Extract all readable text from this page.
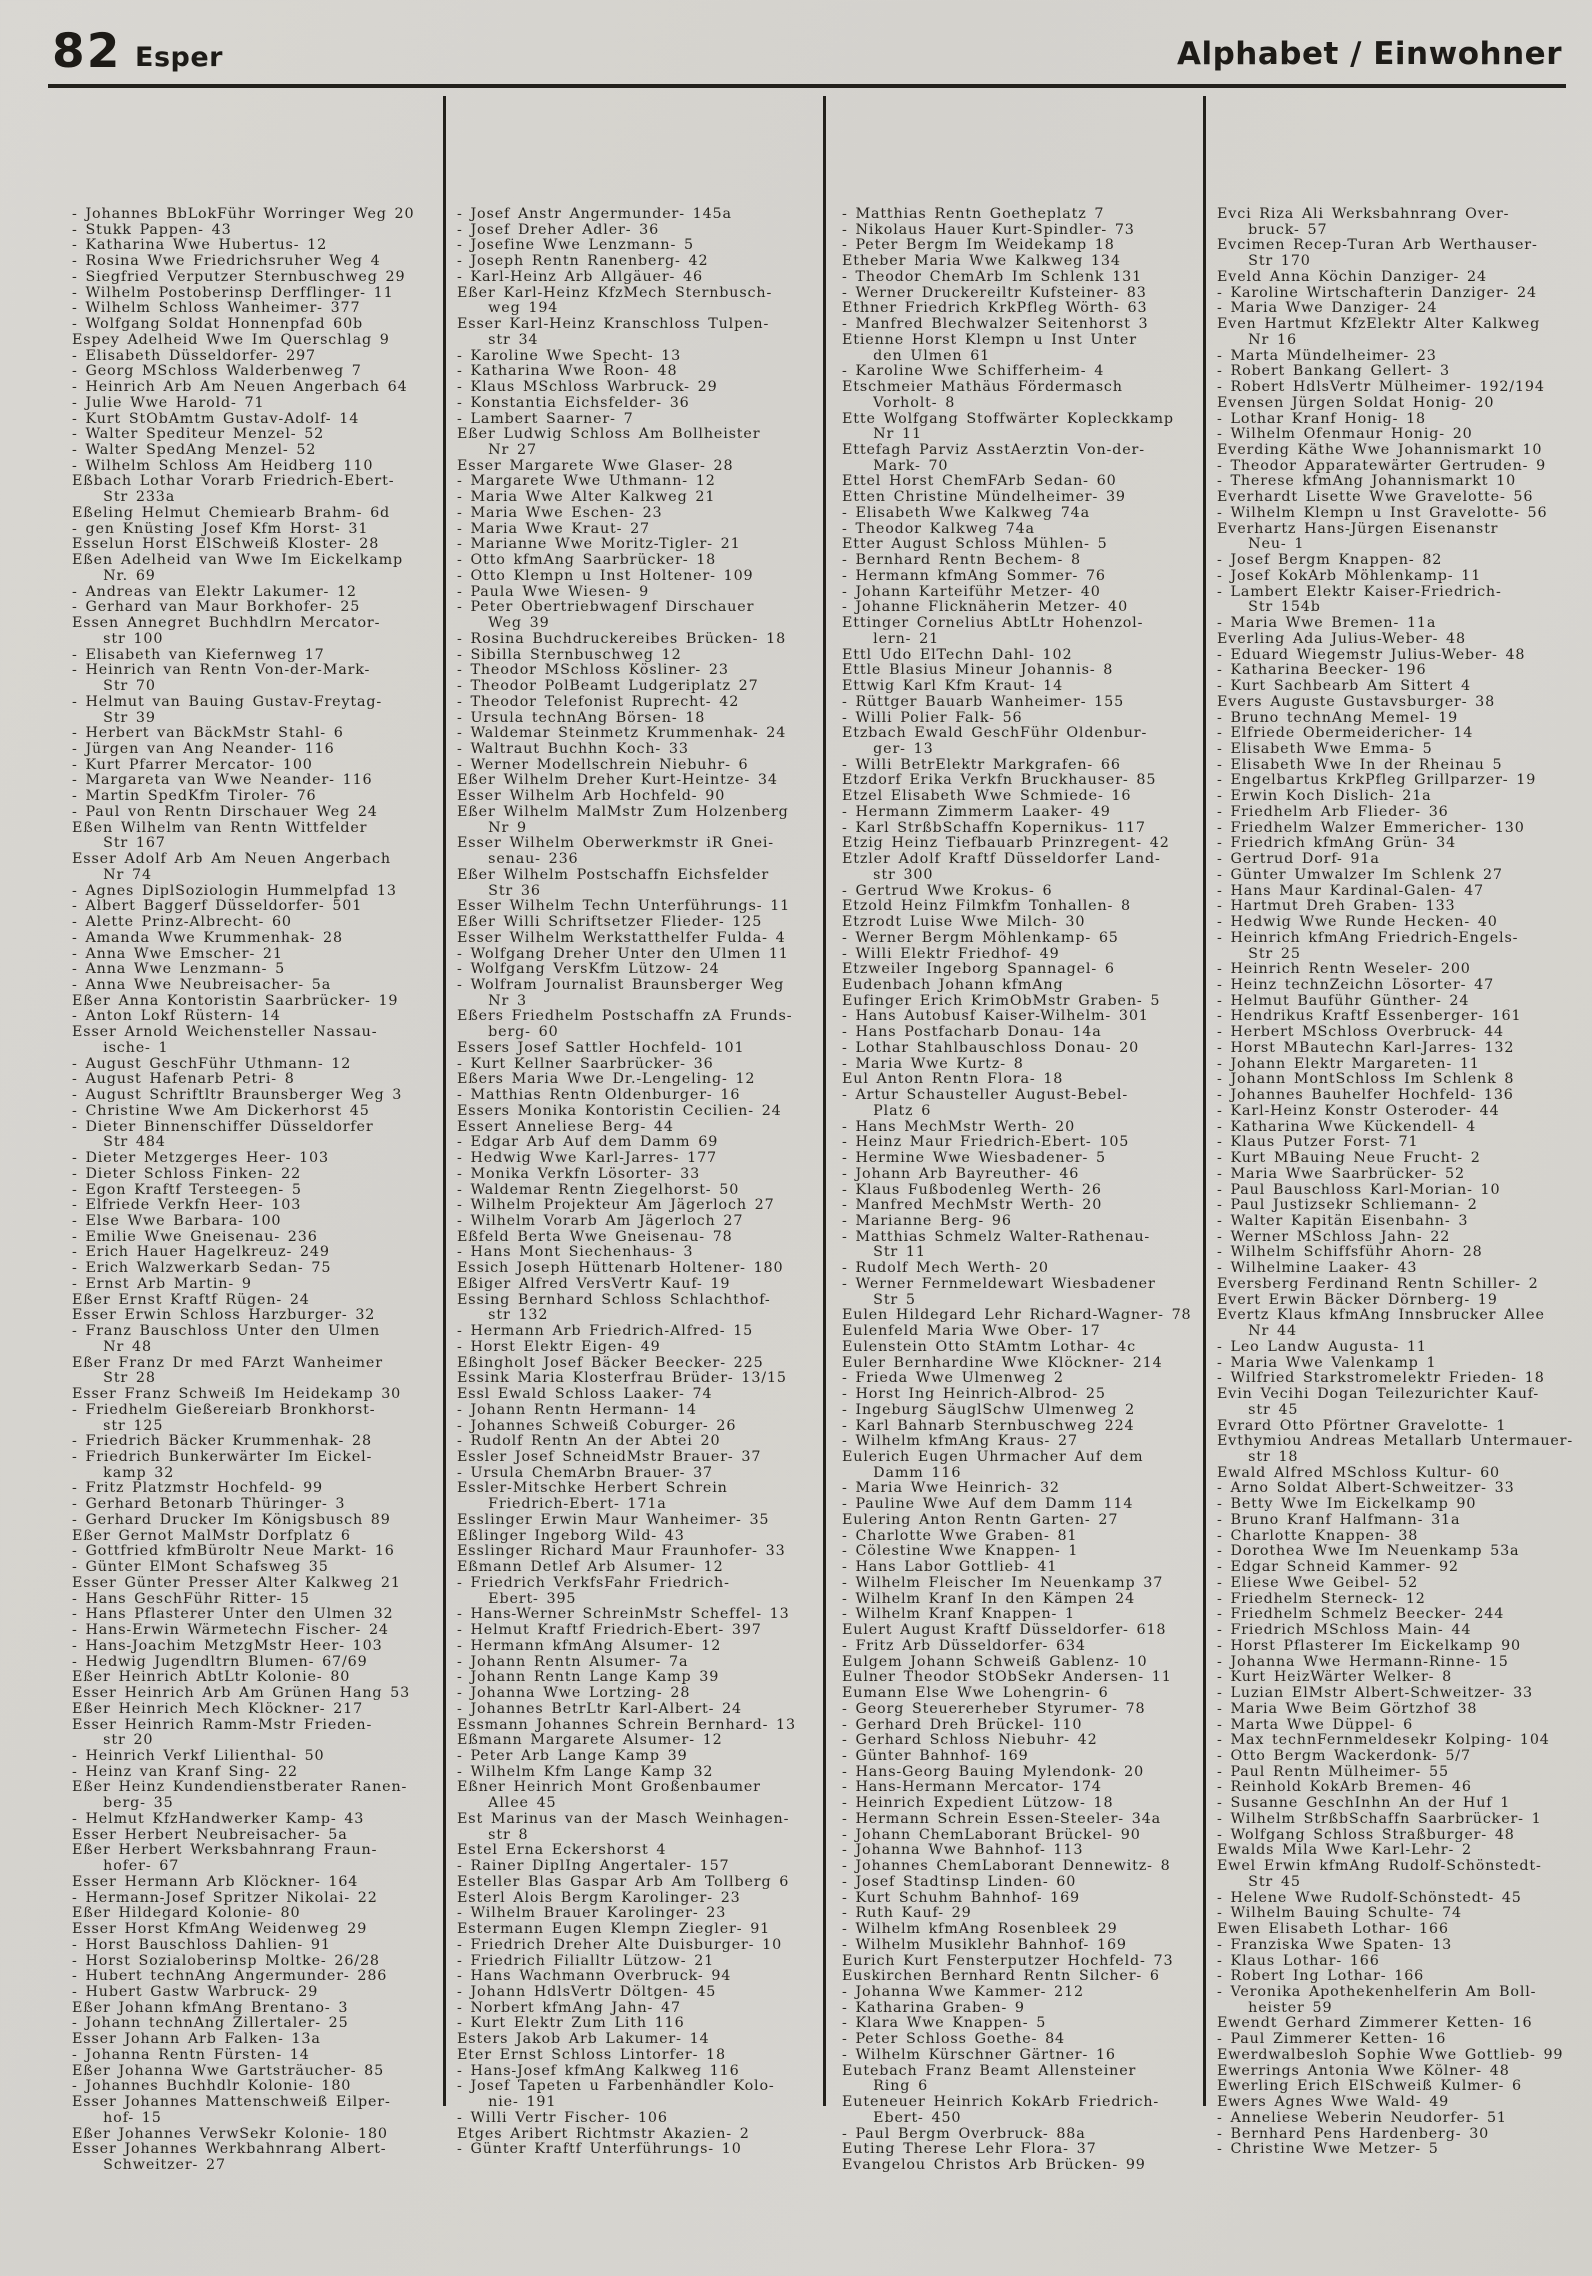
82 Esper	Alphabet / Einwohner
- Johannes BbLokFühr Worringer Weg 20
- Stukk Pappen- 43
- Katharina Wwe Hubertus- 12
- Rosina Wwe Friedrichsruher Weg 4
- Siegfried Verputzer Sternbuschweg 29
- Wilhelm Postoberinsp Derfflinger- 11
- Wilhelm Schloss Wanheimer- 377
- Wolfgang Soldat Honnenpfad 60b
Espey Adelheid Wwe Im Querschlag 9
- Elisabeth Düsseldorfer- 297
- Georg MSchloss Walderbenweg 7
- Heinrich Arb Am Neuen Angerbach 64
- Julie Wwe Harold- 71
- Kurt StObAmtm Gustav-Adolf- 14
- Walter Spediteur Menzel- 52
- Walter SpedAng Menzel- 52
- Wilhelm Schloss Am Heidberg 110
Eßbach Lothar Vorarb Friedrich-Ebert-
Str 233a
Eßeling Helmut Chemiearb Brahm- 6d
- gen Knüsting Josef Kfm Horst- 31
Esselun Horst ElSchweiß Kloster- 28
Eßen Adelheid van Wwe Im Eickelkamp
Nr. 69
- Andreas van Elektr Lakumer- 12
- Gerhard van Maur Borkhofer- 25
Essen Annegret Buchhdlrn Mercator-
str 100
- Elisabeth van Kiefernweg 17
- Heinrich van Rentn Von-der-Mark-
Str 70
- Helmut van Bauing Gustav-Freytag-
Str 39
- Herbert van BäckMstr Stahl- 6
- Jürgen van Ang Neander- 116
- Kurt Pfarrer Mercator- 100
- Margareta van Wwe Neander- 116
- Martin SpedKfm Tiroler- 76
- Paul von Rentn Dirschauer Weg 24
Eßen Wilhelm van Rentn Wittfelder
Str 167
Esser Adolf Arb Am Neuen Angerbach
Nr 74
- Agnes DiplSoziologin Hummelpfad 13
- Albert Baggerf Düsseldorfer- 501
- Alette Prinz-Albrecht- 60
- Amanda Wwe Krummenhak- 28
- Anna Wwe Emscher- 21
- Anna Wwe Lenzmann- 5
- Anna Wwe Neubreisacher- 5a
Eßer Anna Kontoristin Saarbrücker- 19
- Anton Lokf Rüstern- 14
Esser Arnold Weichensteller Nassau-
ische- 1
- August GeschFühr Uthmann- 12
- August Hafenarb Petri- 8
- August Schriftltr Braunsberger Weg 3
- Christine Wwe Am Dickerhorst 45
- Dieter Binnenschiffer Düsseldorfer
Str 484
- Dieter Metzgerges Heer- 103
- Dieter Schloss Finken- 22
- Egon Kraftf Tersteegen- 5
- Elfriede Verkfn Heer- 103
- Else Wwe Barbara- 100
- Emilie Wwe Gneisenau- 236
- Erich Hauer Hagelkreuz- 249
- Erich Walzwerkarb Sedan- 75
- Ernst Arb Martin- 9
Eßer Ernst Kraftf Rügen- 24
Esser Erwin Schloss Harzburger- 32
- Franz Bauschloss Unter den Ulmen
Nr 48
Eßer Franz Dr med FArzt Wanheimer
Str 28
Esser Franz Schweiß Im Heidekamp 30
- Friedhelm Gießereiarb Bronkhorst-
str 125
- Friedrich Bäcker Krummenhak- 28
- Friedrich Bunkerwärter Im Eickel-
kamp 32
- Fritz Platzmstr Hochfeld- 99
- Gerhard Betonarb Thüringer- 3
- Gerhard Drucker Im Königsbusch 89
Eßer Gernot MalMstr Dorfplatz 6
- Gottfried kfmBüroltr Neue Markt- 16
- Günter ElMont Schafsweg 35
Esser Günter Presser Alter Kalkweg 21
- Hans GeschFühr Ritter- 15
- Hans Pflasterer Unter den Ulmen 32
- Hans-Erwin Wärmetechn Fischer- 24
- Hans-Joachim MetzgMstr Heer- 103
- Hedwig Jugendltrn Blumen- 67/69
Eßer Heinrich AbtLtr Kolonie- 80
Esser Heinrich Arb Am Grünen Hang 53
Eßer Heinrich Mech Klöckner- 217
Esser Heinrich Ramm-Mstr Frieden-
str 20
- Heinrich Verkf Lilienthal- 50
- Heinz van Kranf Sing- 22
Eßer Heinz Kundendienstberater Ranen-
berg- 35
- Helmut KfzHandwerker Kamp- 43
Esser Herbert Neubreisacher- 5a
Eßer Herbert Werksbahnrang Fraun-
hofer- 67
Esser Hermann Arb Klöckner- 164
- Hermann-Josef Spritzer Nikolai- 22
Eßer Hildegard Kolonie- 80
Esser Horst KfmAng Weidenweg 29
- Horst Bauschloss Dahlien- 91
- Horst Sozialoberinsp Moltke- 26/28
- Hubert technAng Angermunder- 286
- Hubert Gastw Warbruck- 29
Eßer Johann kfmAng Brentano- 3
- Johann technAng Zillertaler- 25
Esser Johann Arb Falken- 13a
- Johanna Rentn Fürsten- 14
Eßer Johanna Wwe Gartsträucher- 85
- Johannes Buchhdlr Kolonie- 180
Esser Johannes Mattenschweiß Eilper-
hof- 15
Eßer Johannes VerwSekr Kolonie- 180
Esser Johannes Werkbahnrang Albert-
Schweitzer- 27
- Josef Anstr Angermunder- 145a
- Josef Dreher Adler- 36
- Josefine Wwe Lenzmann- 5
- Joseph Rentn Ranenberg- 42
- Karl-Heinz Arb Allgäuer- 46
Eßer Karl-Heinz KfzMech Sternbusch-
weg 194
Esser Karl-Heinz Kranschloss Tulpen-
str 34
- Karoline Wwe Specht- 13
- Katharina Wwe Roon- 48
- Klaus MSchloss Warbruck- 29
- Konstantia Eichsfelder- 36
- Lambert Saarner- 7
Eßer Ludwig Schloss Am Bollheister
Nr 27
Esser Margarete Wwe Glaser- 28
- Margarete Wwe Uthmann- 12
- Maria Wwe Alter Kalkweg 21
- Maria Wwe Eschen- 23
- Maria Wwe Kraut- 27
- Marianne Wwe Moritz-Tigler- 21
- Otto kfmAng Saarbrücker- 18
- Otto Klempn u Inst Holtener- 109
- Paula Wwe Wiesen- 9
- Peter Obertriebwagenf Dirschauer
Weg 39
- Rosina Buchdruckereibes Brücken- 18
- Sibilla Sternbuschweg 12
- Theodor MSchloss Kösliner- 23
- Theodor PolBeamt Ludgeriplatz 27
- Theodor Telefonist Ruprecht- 42
- Ursula technAng Börsen- 18
- Waldemar Steinmetz Krummenhak- 24
- Waltraut Buchhn Koch- 33
- Werner Modellschrein Niebuhr- 6
Eßer Wilhelm Dreher Kurt-Heintze- 34
Esser Wilhelm Arb Hochfeld- 90
Eßer Wilhelm MalMstr Zum Holzenberg
Nr 9
Esser Wilhelm Oberwerkmstr iR Gnei-
senau- 236
Eßer Wilhelm Postschaffn Eichsfelder
Str 36
Esser Wilhelm Techn Unterführungs- 11
Eßer Willi Schriftsetzer Flieder- 125
Esser Wilhelm Werkstatthelfer Fulda- 4
- Wolfgang Dreher Unter den Ulmen 11
- Wolfgang VersKfm Lützow- 24
- Wolfram Journalist Braunsberger Weg
Nr 3
Eßers Friedhelm Postschaffn zA Frunds-
berg- 60
Essers Josef Sattler Hochfeld- 101
- Kurt Kellner Saarbrücker- 36
Eßers Maria Wwe Dr.-Lengeling- 12
- Matthias Rentn Oldenburger- 16
Essers Monika Kontoristin Cecilien- 24
Essert Anneliese Berg- 44
- Edgar Arb Auf dem Damm 69
- Hedwig Wwe Karl-Jarres- 177
- Monika Verkfn Lösorter- 33
- Waldemar Rentn Ziegelhorst- 50
- Wilhelm Projekteur Am Jägerloch 27
- Wilhelm Vorarb Am Jägerloch 27
Eßfeld Berta Wwe Gneisenau- 78
- Hans Mont Siechenhaus- 3
Essich Joseph Hüttenarb Holtener- 180
Eßiger Alfred VersVertr Kauf- 19
Essing Bernhard Schloss Schlachthof-
str 132
- Hermann Arb Friedrich-Alfred- 15
- Horst Elektr Eigen- 49
Eßingholt Josef Bäcker Beecker- 225
Essink Maria Klosterfrau Brüder- 13/15
Essl Ewald Schloss Laaker- 74
- Johann Rentn Hermann- 14
- Johannes Schweiß Coburger- 26
- Rudolf Rentn An der Abtei 20
Essler Josef SchneidMstr Brauer- 37
- Ursula ChemArbn Brauer- 37
Essler-Mitschke Herbert Schrein
Friedrich-Ebert- 171a
Esslinger Erwin Maur Wanheimer- 35
Eßlinger Ingeborg Wild- 43
Esslinger Richard Maur Fraunhofer- 33
Eßmann Detlef Arb Alsumer- 12
- Friedrich VerkfsFahr Friedrich-
Ebert- 395
- Hans-Werner SchreinMstr Scheffel- 13
- Helmut Kraftf Friedrich-Ebert- 397
- Hermann kfmAng Alsumer- 12
- Johann Rentn Alsumer- 7a
- Johann Rentn Lange Kamp 39
- Johanna Wwe Lortzing- 28
- Johannes BetrLtr Karl-Albert- 24
Essmann Johannes Schrein Bernhard- 13
Eßmann Margarete Alsumer- 12
- Peter Arb Lange Kamp 39
- Wilhelm Kfm Lange Kamp 32
Eßner Heinrich Mont Großenbaumer
Allee 45
Est Marinus van der Masch Weinhagen-
str 8
Estel Erna Eckershorst 4
- Rainer DiplIng Angertaler- 157
Esteller Blas Gaspar Arb Am Tollberg 6
Esterl Alois Bergm Karolinger- 23
- Wilhelm Brauer Karolinger- 23
Estermann Eugen Klempn Ziegler- 91
- Friedrich Dreher Alte Duisburger- 10
- Friedrich Filialltr Lützow- 21
- Hans Wachmann Overbruck- 94
- Johann HdlsVertr Döltgen- 45
- Norbert kfmAng Jahn- 47
- Kurt Elektr Zum Lith 116
Esters Jakob Arb Lakumer- 14
Eter Ernst Schloss Lintorfer- 18
- Hans-Josef kfmAng Kalkweg 116
- Josef Tapeten u Farbenhändler Kolo-
nie- 191
- Willi Vertr Fischer- 106
Etges Aribert Richtmstr Akazien- 2
- Günter Kraftf Unterführungs- 10
- Matthias Rentn Goetheplatz 7
- Nikolaus Hauer Kurt-Spindler- 73
- Peter Bergm Im Weidekamp 18
Etheber Maria Wwe Kalkweg 134
- Theodor ChemArb Im Schlenk 131
- Werner Druckereiltr Kufsteiner- 83
Ethner Friedrich KrkPfleg Wörth- 63
- Manfred Blechwalzer Seitenhorst 3
Etienne Horst Klempn u Inst Unter
den Ulmen 61
- Karoline Wwe Schifferheim- 4
Etschmeier Mathäus Fördermasch
Vorholt- 8
Ette Wolfgang Stoffwärter Kopleckkamp
Nr 11
Ettefagh Parviz AsstAerztin Von-der-
Mark- 70
Ettel Horst ChemFArb Sedan- 60
Etten Christine Mündelheimer- 39
- Elisabeth Wwe Kalkweg 74a
- Theodor Kalkweg 74a
Etter August Schloss Mühlen- 5
- Bernhard Rentn Bechem- 8
- Hermann kfmAng Sommer- 76
- Johann Karteiführ Metzer- 40
- Johanne Flicknäherin Metzer- 40
Ettinger Cornelius AbtLtr Hohenzol-
lern- 21
Ettl Udo ElTechn Dahl- 102
Ettle Blasius Mineur Johannis- 8
Ettwig Karl Kfm Kraut- 14
- Rüttger Bauarb Wanheimer- 155
- Willi Polier Falk- 56
Etzbach Ewald GeschFühr Oldenbur-
ger- 13
- Willi BetrElektr Markgrafen- 66
Etzdorf Erika Verkfn Bruckhauser- 85
Etzel Elisabeth Wwe Schmiede- 16
- Hermann Zimmerm Laaker- 49
- Karl StrßbSchaffn Kopernikus- 117
Etzig Heinz Tiefbauarb Prinzregent- 42
Etzler Adolf Kraftf Düsseldorfer Land-
str 300
- Gertrud Wwe Krokus- 6
Etzold Heinz Filmkfm Tonhallen- 8
Etzrodt Luise Wwe Milch- 30
- Werner Bergm Möhlenkamp- 65
- Willi Elektr Friedhof- 49
Etzweiler Ingeborg Spannagel- 6
Eudenbach Johann kfmAng
Eufinger Erich KrimObMstr Graben- 5
- Hans Autobusf Kaiser-Wilhelm- 301
- Hans Postfacharb Donau- 14a
- Lothar Stahlbauschloss Donau- 20
- Maria Wwe Kurtz- 8
Eul Anton Rentn Flora- 18
- Artur Schausteller August-Bebel-
Platz 6
- Hans MechMstr Werth- 20
- Heinz Maur Friedrich-Ebert- 105
- Hermine Wwe Wiesbadener- 5
- Johann Arb Bayreuther- 46
- Klaus Fußbodenleg Werth- 26
- Manfred MechMstr Werth- 20
- Marianne Berg- 96
- Matthias Schmelz Walter-Rathenau-
Str 11
- Rudolf Mech Werth- 20
- Werner Fernmeldewart Wiesbadener
Str 5
Eulen Hildegard Lehr Richard-Wagner- 78
Eulenfeld Maria Wwe Ober- 17
Eulenstein Otto StAmtm Lothar- 4c
Euler Bernhardine Wwe Klöckner- 214
- Frieda Wwe Ulmenweg 2
- Horst Ing Heinrich-Albrod- 25
- Ingeburg SäuglSchw Ulmenweg 2
- Karl Bahnarb Sternbuschweg 224
- Wilhelm kfmAng Kraus- 27
Eulerich Eugen Uhrmacher Auf dem
Damm 116
- Maria Wwe Heinrich- 32
- Pauline Wwe Auf dem Damm 114
Eulering Anton Rentn Garten- 27
- Charlotte Wwe Graben- 81
- Cölestine Wwe Knappen- 1
- Hans Labor Gottlieb- 41
- Wilhelm Fleischer Im Neuenkamp 37
- Wilhelm Kranf In den Kämpen 24
- Wilhelm Kranf Knappen- 1
Eulert August Kraftf Düsseldorfer- 618
- Fritz Arb Düsseldorfer- 634
Eulgem Johann Schweiß Gablenz- 10
Eulner Theodor StObSekr Andersen- 11
Eumann Else Wwe Lohengrin- 6
- Georg Steuererheber Styrumer- 78
- Gerhard Dreh Brückel- 110
- Gerhard Schloss Niebuhr- 42
- Günter Bahnhof- 169
- Hans-Georg Bauing Mylendonk- 20
- Hans-Hermann Mercator- 174
- Heinrich Expedient Lützow- 18
- Hermann Schrein Essen-Steeler- 34a
- Johann ChemLaborant Brückel- 90
- Johanna Wwe Bahnhof- 113
- Johannes ChemLaborant Dennewitz- 8
- Josef Stadtinsp Linden- 60
- Kurt Schuhm Bahnhof- 169
- Ruth Kauf- 29
- Wilhelm kfmAng Rosenbleek 29
- Wilhelm Musiklehr Bahnhof- 169
Eurich Kurt Fensterputzer Hochfeld- 73
Euskirchen Bernhard Rentn Silcher- 6
- Johanna Wwe Kammer- 212
- Katharina Graben- 9
- Klara Wwe Knappen- 5
- Peter Schloss Goethe- 84
- Wilhelm Kürschner Gärtner- 16
Eutebach Franz Beamt Allensteiner
Ring 6
Euteneuer Heinrich KokArb Friedrich-
Ebert- 450
- Paul Bergm Overbruck- 88a
Euting Therese Lehr Flora- 37
Evangelou Christos Arb Brücken- 99
Evci Riza Ali Werksbahnrang Over-
bruck- 57
Evcimen Recep-Turan Arb Werthauser-
Str 170
Eveld Anna Köchin Danziger- 24
- Karoline Wirtschafterin Danziger- 24
- Maria Wwe Danziger- 24
Even Hartmut KfzElektr Alter Kalkweg
Nr 16
- Marta Mündelheimer- 23
- Robert Bankang Gellert- 3
- Robert HdlsVertr Mülheimer- 192/194
Evensen Jürgen Soldat Honig- 20
- Lothar Kranf Honig- 18
- Wilhelm Ofenmaur Honig- 20
Everding Käthe Wwe Johannismarkt 10
- Theodor Apparatewärter Gertruden- 9
- Therese kfmAng Johannismarkt 10
Everhardt Lisette Wwe Gravelotte- 56
- Wilhelm Klempn u Inst Gravelotte- 56
Everhartz Hans-Jürgen Eisenanstr
Neu- 1
- Josef Bergm Knappen- 82
- Josef KokArb Möhlenkamp- 11
- Lambert Elektr Kaiser-Friedrich-
Str 154b
- Maria Wwe Bremen- 11a
Everling Ada Julius-Weber- 48
- Eduard Wiegemstr Julius-Weber- 48
- Katharina Beecker- 196
- Kurt Sachbearb Am Sittert 4
Evers Auguste Gustavsburger- 38
- Bruno technAng Memel- 19
- Elfriede Obermeidericher- 14
- Elisabeth Wwe Emma- 5
- Elisabeth Wwe In der Rheinau 5
- Engelbartus KrkPfleg Grillparzer- 19
- Erwin Koch Dislich- 21a
- Friedhelm Arb Flieder- 36
- Friedhelm Walzer Emmericher- 130
- Friedrich kfmAng Grün- 34
- Gertrud Dorf- 91a
- Günter Umwalzer Im Schlenk 27
- Hans Maur Kardinal-Galen- 47
- Hartmut Dreh Graben- 133
- Hedwig Wwe Runde Hecken- 40
- Heinrich kfmAng Friedrich-Engels-
Str 25
- Heinrich Rentn Weseler- 200
- Heinz technZeichn Lösorter- 47
- Helmut Bauführ Günther- 24
- Hendrikus Kraftf Essenberger- 161
- Herbert MSchloss Overbruck- 44
- Horst MBautechn Karl-Jarres- 132
- Johann Elektr Margareten- 11
- Johann MontSchloss Im Schlenk 8
- Johannes Bauhelfer Hochfeld- 136
- Karl-Heinz Konstr Osteroder- 44
- Katharina Wwe Kückendell- 4
- Klaus Putzer Forst- 71
- Kurt MBauing Neue Frucht- 2
- Maria Wwe Saarbrücker- 52
- Paul Bauschloss Karl-Morian- 10
- Paul Justizsekr Schliemann- 2
- Walter Kapitän Eisenbahn- 3
- Werner MSchloss Jahn- 22
- Wilhelm Schiffsführ Ahorn- 28
- Wilhelmine Laaker- 43
Eversberg Ferdinand Rentn Schiller- 2
Evert Erwin Bäcker Dörnberg- 19
Evertz Klaus kfmAng Innsbrucker Allee
Nr 44
- Leo Landw Augusta- 11
- Maria Wwe Valenkamp 1
- Wilfried Starkstromelektr Frieden- 18
Evin Vecihi Dogan Teilezurichter Kauf-
str 45
Evrard Otto Pförtner Gravelotte- 1
Evthymiou Andreas Metallarb Untermauer-
str 18
Ewald Alfred MSchloss Kultur- 60
- Arno Soldat Albert-Schweitzer- 33
- Betty Wwe Im Eickelkamp 90
- Bruno Kranf Halfmann- 31a
- Charlotte Knappen- 38
- Dorothea Wwe Im Neuenkamp 53a
- Edgar Schneid Kammer- 92
- Eliese Wwe Geibel- 52
- Friedhelm Sterneck- 12
- Friedhelm Schmelz Beecker- 244
- Friedrich MSchloss Main- 44
- Horst Pflasterer Im Eickelkamp 90
- Johanna Wwe Hermann-Rinne- 15
- Kurt HeizWärter Welker- 8
- Luzian ElMstr Albert-Schweitzer- 33
- Maria Wwe Beim Görtzhof 38
- Marta Wwe Düppel- 6
- Max technFernmeldesekr Kolping- 104
- Otto Bergm Wackerdonk- 5/7
- Paul Rentn Mülheimer- 55
- Reinhold KokArb Bremen- 46
- Susanne GeschInhn An der Huf 1
- Wilhelm StrßbSchaffn Saarbrücker- 1
- Wolfgang Schloss Straßburger- 48
Ewalds Mila Wwe Karl-Lehr- 2
Ewel Erwin kfmAng Rudolf-Schönstedt-
Str 45
- Helene Wwe Rudolf-Schönstedt- 45
- Wilhelm Bauing Schulte- 74
Ewen Elisabeth Lothar- 166
- Franziska Wwe Spaten- 13
- Klaus Lothar- 166
- Robert Ing Lothar- 166
- Veronika Apothekenhelferin Am Boll-
heister 59
Ewendt Gerhard Zimmerer Ketten- 16
- Paul Zimmerer Ketten- 16
Ewerdwalbesloh Sophie Wwe Gottlieb- 99
Ewerrings Antonia Wwe Kölner- 48
Ewerling Erich ElSchweiß Kulmer- 6
Ewers Agnes Wwe Wald- 49
- Anneliese Weberin Neudorfer- 51
- Bernhard Pens Hardenberg- 30
- Christine Wwe Metzer- 5
